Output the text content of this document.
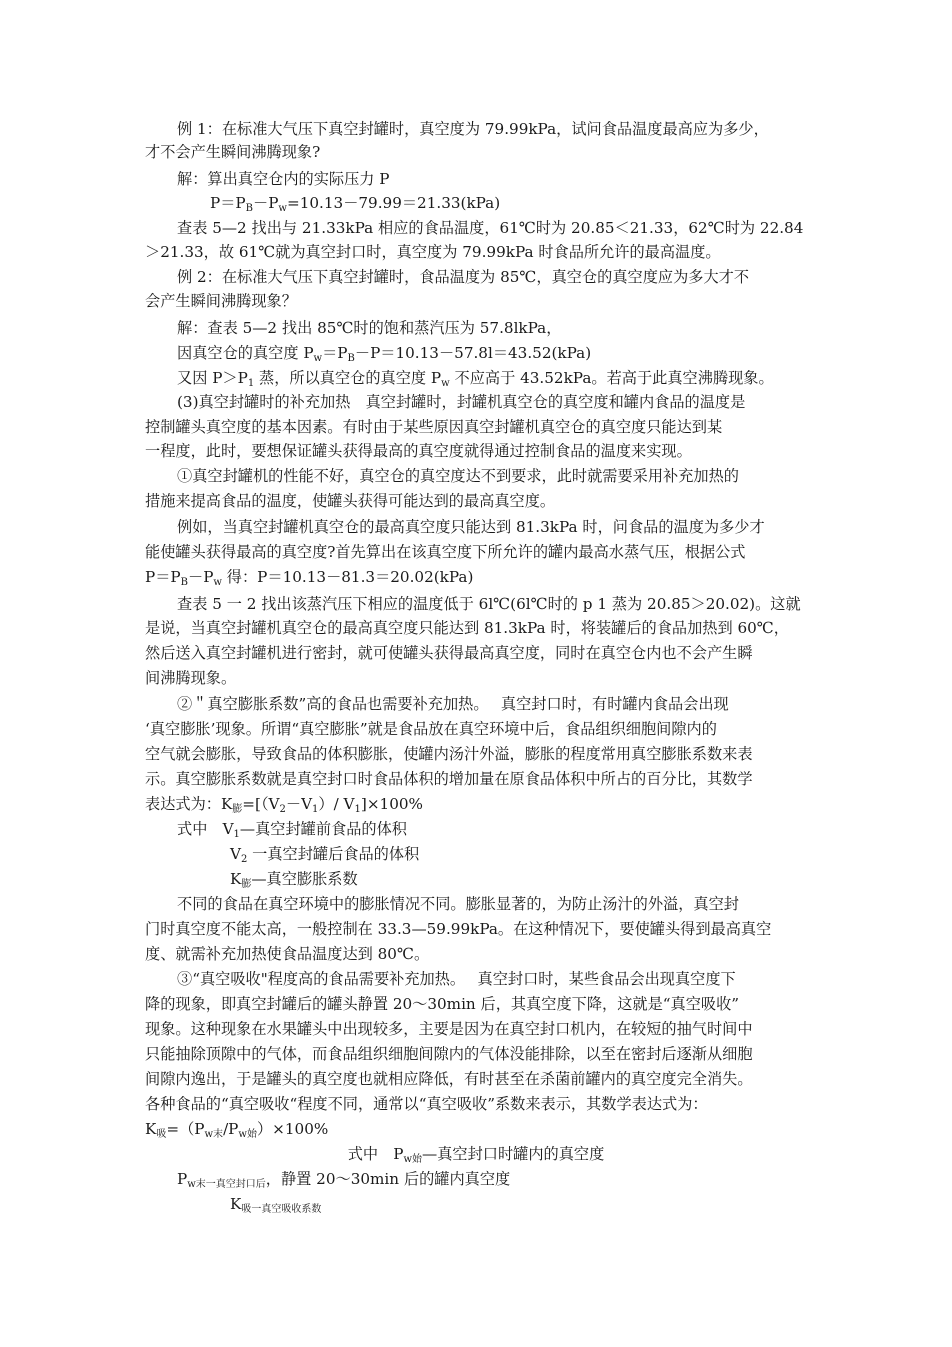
例 1：在标准大气压下真空封罐时，真空度为 79.99kPa，试问食品温度最高应为多少，
才不会产生瞬间沸腾现象?
解：算出真空仓内的实际压力 P
$P=P_B-P_w=10.13-79.99=21.33(kPa)$
查表 5—2 找出与 21.33kPa 相应的食品温度，61℃时为 20.85＜21.33，62℃时为 22.84
＞21.33，故 61℃就为真空封口时，真空度为 79.99kPa 时食品所允许的最高温度。
例 2：在标准大气压下真空封罐时，食品温度为 85℃，真空仓的真空度应为多大才不
会产生瞬间沸腾现象？
解：查表 5—2 找出 85℃时的饱和蒸汽压为 57.8lkPa，
因真空仓的真空度 $P_w=P_B-P=10.13-57.8l=43.52(kPa)$
又因 $P>P_1$ 蒸，所以真空仓的真空度 $P_w$ 不应高于 43.52kPa。若高于此真空沸腾现象。
(3)真空封罐时的补充加热　真空封罐时，封罐机真空仓的真空度和罐内食品的温度是
控制罐头真空度的基本因素。有时由于某些原因真空封罐机真空仓的真空度只能达到某
一程度，此时，要想保证罐头获得最高的真空度就得通过控制食品的温度来实现。
①真空封罐机的性能不好，真空仓的真空度达不到要求，此时就需要采用补充加热的
措施来提高食品的温度，使罐头获得可能达到的最高真空度。
例如，当真空封罐机真空仓的最高真空度只能达到 81.3kPa 时，问食品的温度为多少才
能使罐头获得最高的真空度?首先算出在该真空度下所允许的罐内最高水蒸气压，根据公式
$P=P_B-P_w$ 得：P＝10.13－81.3＝20.02(kPa)
查表 5 一 2 找出该蒸汽压下相应的温度低于 6l℃(6l℃时的 p 1 蒸为 20.85＞20.02)。这就
是说，当真空封罐机真空仓的最高真空度只能达到 81.3kPa 时，将装罐后的食品加热到 60℃，
然后送入真空封罐机进行密封，就可使罐头获得最高真空度，同时在真空仓内也不会产生瞬
间沸腾现象。
②＂真空膨胀系数”高的食品也需要补充加热。　 真空封口时，有时罐内食品会出现
‘真空膨胀’现象。所谓“真空膨胀”就是食品放在真空环境中后，食品组织细胞间隙内的
空气就会膨胀，导致食品的体积膨胀，使罐内汤汁外溢，膨胀的程度常用真空膨胀系数来表
示。真空膨胀系数就是真空封口时食品体积的增加量在原食品体积中所占的百分比，其数学
表达式为：$K_膨=[(V_2-V_1)/$ $V_1]\times 100\%$
式中　$V_1—$真空封罐前食品的体积
$V_2$ 一真空封罐后食品的体积
$K_膨—$真空膨胀系数
不同的食品在真空环境中的膨胀情况不同。膨胀显著的，为防止汤汁的外溢，真空封
门时真空度不能太高，一般控制在 33.3—59.99kPa。在这种情况下，要使罐头得到最高真空
度、就需补充加热使食品温度达到 80℃。
③“真空吸收"程度高的食品需要补充加热。　 真空封口时，某些食品会出现真空度下
降的现象，即真空封罐后的罐头静置 20～30min 后，其真空度下降，这就是“真空吸收”
现象。这种现象在水果罐头中出现较多，主要是因为在真空封口机内，在较短的抽气时间中
只能抽除顶隙中的气体，而食品组织细胞间隙内的气体没能排除，以至在密封后逐渐从细胞
间隙内逸出，于是罐头的真空度也就相应降低，有时甚至在杀菌前罐内的真空度完全消失。
各种食品的“真空吸收“程度不同，通常以“真空吸收”系数来表示，其数学表达式为：
$K_吸=(P_{w末}/P_{w始})\times 100\%$
式中　$P_{w始}—$真空封口时罐内的真空度
$P_{w末一真空封口后}$，静置 20～30min 后的罐内真空度
$K_{吸一真空吸收系数}$
